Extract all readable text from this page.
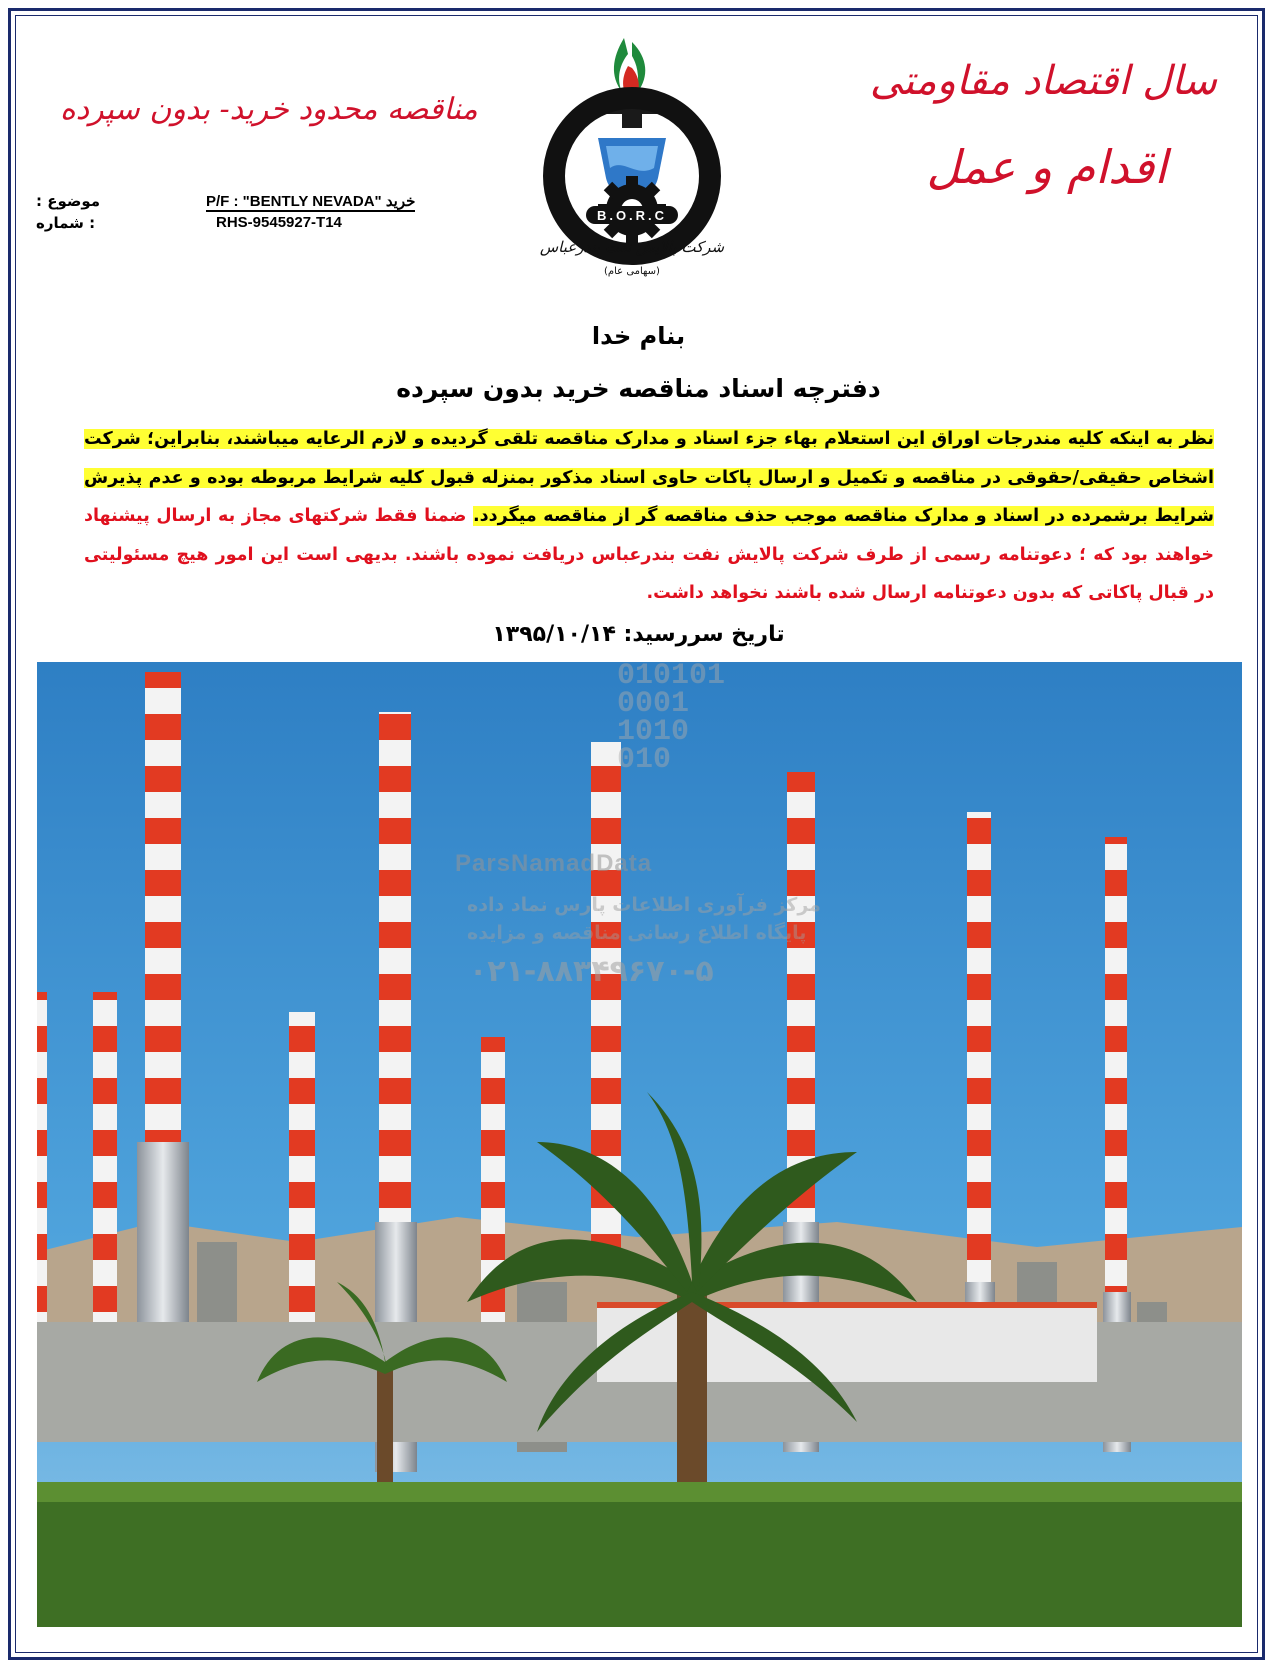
مناقصه محدود خرید- بدون سپرده
سال اقتصاد مقاومتی
اقدام و عمل
P/F : "BENTLY NEVADA" خرید
موضوع :
RHS-9545927-T14
: شماره	B.O.R.C
شرکت پالایش نفت بندرعباس
(سهامی عام)
بنام خدا
دفترچه اسناد مناقصه خرید بدون سپرده
نظر به اینکه کلیه مندرجات اوراق این استعلام بهاء جزء اسناد و مدارک مناقصه تلقی گردیده و لازم الرعایه میباشند، بنابراین؛ شرکت اشخاص حقیقی/حقوقی در مناقصه و تکمیل و ارسال پاکات حاوی اسناد مذکور بمنزله قبول کلیه شرایط مربوطه بوده و عدم پذیرش شرایط برشمرده در اسناد و مدارک مناقصه موجب حذف مناقصه گر از مناقصه میگردد. ضمنا فقط شرکتهای مجاز به ارسال پیشنهاد خواهند بود که ؛ دعوتنامه رسمی از طرف شرکت پالایش نفت بندرعباس دریافت نموده باشند. بدیهی است این امور هیچ مسئولیتی در قبال پاکاتی که بدون دعوتنامه ارسال شده باشند نخواهد داشت.
تاریخ سررسید: ۱۳۹۵/۱۰/۱۴
010101
0001
1010
010
ParsNamadData
مرکز فرآوری اطلاعات پارس نماد داده
پایگاه اطلاع رسانی مناقصه و مزایده
۰۲۱-۸۸۳۴۹۶۷۰-۵
